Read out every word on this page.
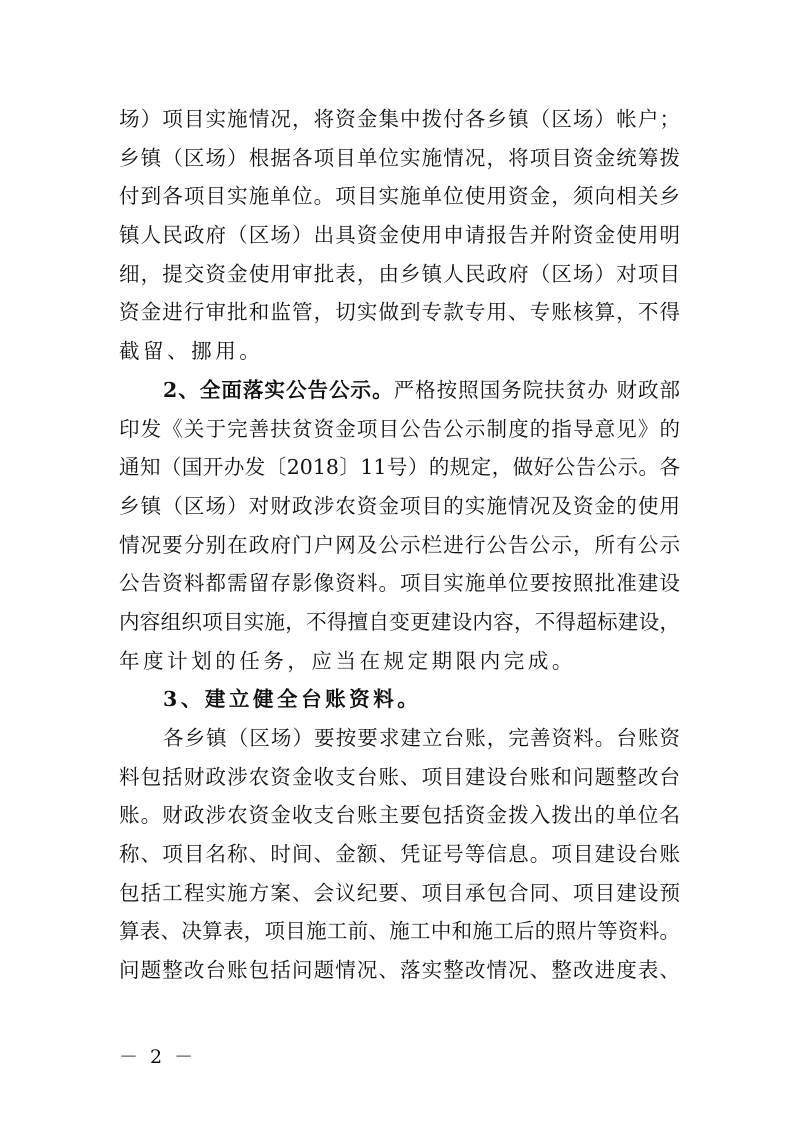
场）项目实施情况，将资金集中拨付各乡镇（区场）帐户；
乡镇（区场）根据各项目单位实施情况，将项目资金统筹拨
付到各项目实施单位。项目实施单位使用资金，须向相关乡
镇人民政府（区场）出具资金使用申请报告并附资金使用明
细，提交资金使用审批表，由乡镇人民政府（区场）对项目
资金进行审批和监管，切实做到专款专用、专账核算，不得
截留、挪用。
2、全面落实公告公示。严格按照国务院扶贫办 财政部
印发《关于完善扶贫资金项目公告公示制度的指导意见》的
通知（国开办发〔2018〕11号）的规定，做好公告公示。各
乡镇（区场）对财政涉农资金项目的实施情况及资金的使用
情况要分别在政府门户网及公示栏进行公告公示，所有公示
公告资料都需留存影像资料。项目实施单位要按照批准建设
内容组织项目实施，不得擅自变更建设内容，不得超标建设，
年度计划的任务，应当在规定期限内完成。
3、建立健全台账资料。
各乡镇（区场）要按要求建立台账，完善资料。台账资
料包括财政涉农资金收支台账、项目建设台账和问题整改台
账。财政涉农资金收支台账主要包括资金拨入拨出的单位名
称、项目名称、时间、金额、凭证号等信息。项目建设台账
包括工程实施方案、会议纪要、项目承包合同、项目建设预
算表、决算表，项目施工前、施工中和施工后的照片等资料。
问题整改台账包括问题情况、落实整改情况、整改进度表、
－ 2 －
